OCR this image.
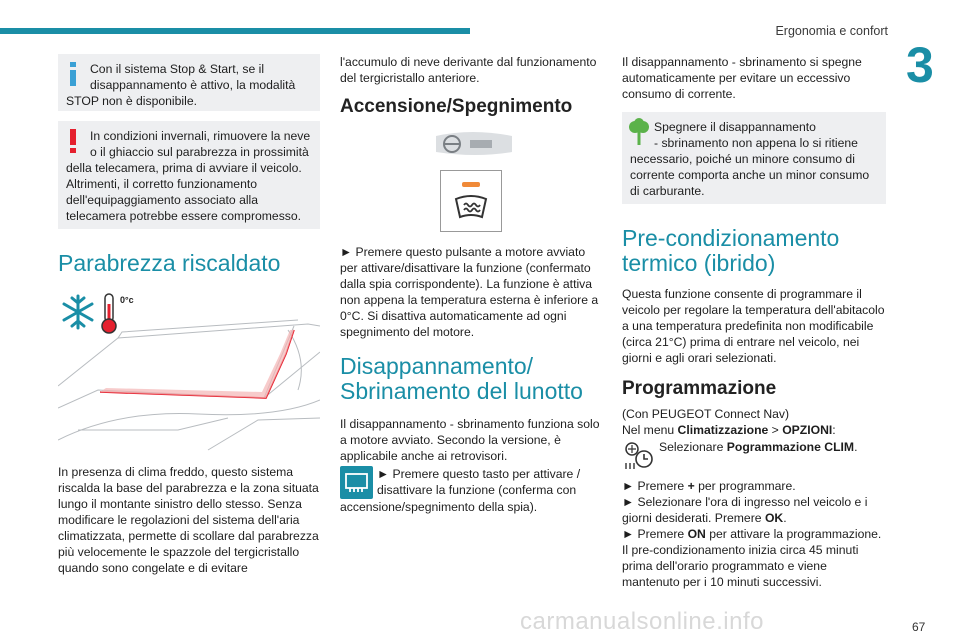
Ergonomia e confort
3
Con il sistema Stop & Start, se il
disappannamento è attivo, la modalità
STOP non è disponibile.
In condizioni invernali, rimuovere la neve
o il ghiaccio sul parabrezza in prossimità
della telecamera, prima di avviare il veicolo. Altrimenti, il corretto funzionamento dell'equipaggiamento associato alla telecamera potrebbe essere compromesso.
Parabrezza riscaldato
0°c

In presenza di clima freddo, questo sistema riscalda la base del parabrezza e la zona situata lungo il montante sinistro dello stesso. Senza modificare le regolazioni del sistema dell'aria climatizzata, permette di scollare dal parabrezza più velocemente le spazzole del tergicristallo quando sono congelate e di evitare

l'accumulo di neve derivante dal funzionamento del tergicristallo anteriore.

Accensione/Spegnimento

► Premere questo pulsante a motore avviato per attivare/disattivare la funzione (confermato dalla spia corrispondente). La funzione è attiva non appena la temperatura esterna è inferiore a 0°C. Si disattiva automaticamente ad ogni spegnimento del motore.

Disappannamento/ Sbrinamento del lunotto

Il disappannamento - sbrinamento funziona solo a motore avviato. Secondo la versione, è applicabile anche ai retrovisori.

► Premere questo tasto per attivare /

disattivare la funzione (conferma con

accensione/spegnimento della spia).

Il disappannamento - sbrinamento si spegne automaticamente per evitare un eccessivo consumo di corrente.

Spegnere il disappannamento
- sbrinamento non appena lo si ritiene
necessario, poiché un minore consumo di corrente comporta anche un minor consumo di carburante.
Pre-condizionamento termico (ibrido)

Questa funzione consente di programmare il veicolo per regolare la temperatura dell'abitacolo a una temperatura predefinita non modificabile (circa 21°C) prima di entrare nel veicolo, nei giorni e agli orari selezionati.

Programmazione

(Con PEUGEOT Connect Nav)

Nel menu Climatizzazione > OPZIONI:

Selezionare Pogrammazione CLIM.

► Premere + per programmare.

► Selezionare l'ora di ingresso nel veicolo e i giorni desiderati. Premere OK.

► Premere ON per attivare la programmazione.

Il pre-condizionamento inizia circa 45 minuti prima dell'orario programmato e viene mantenuto per i 10 minuti successivi.

67
carmanualsonline.info
